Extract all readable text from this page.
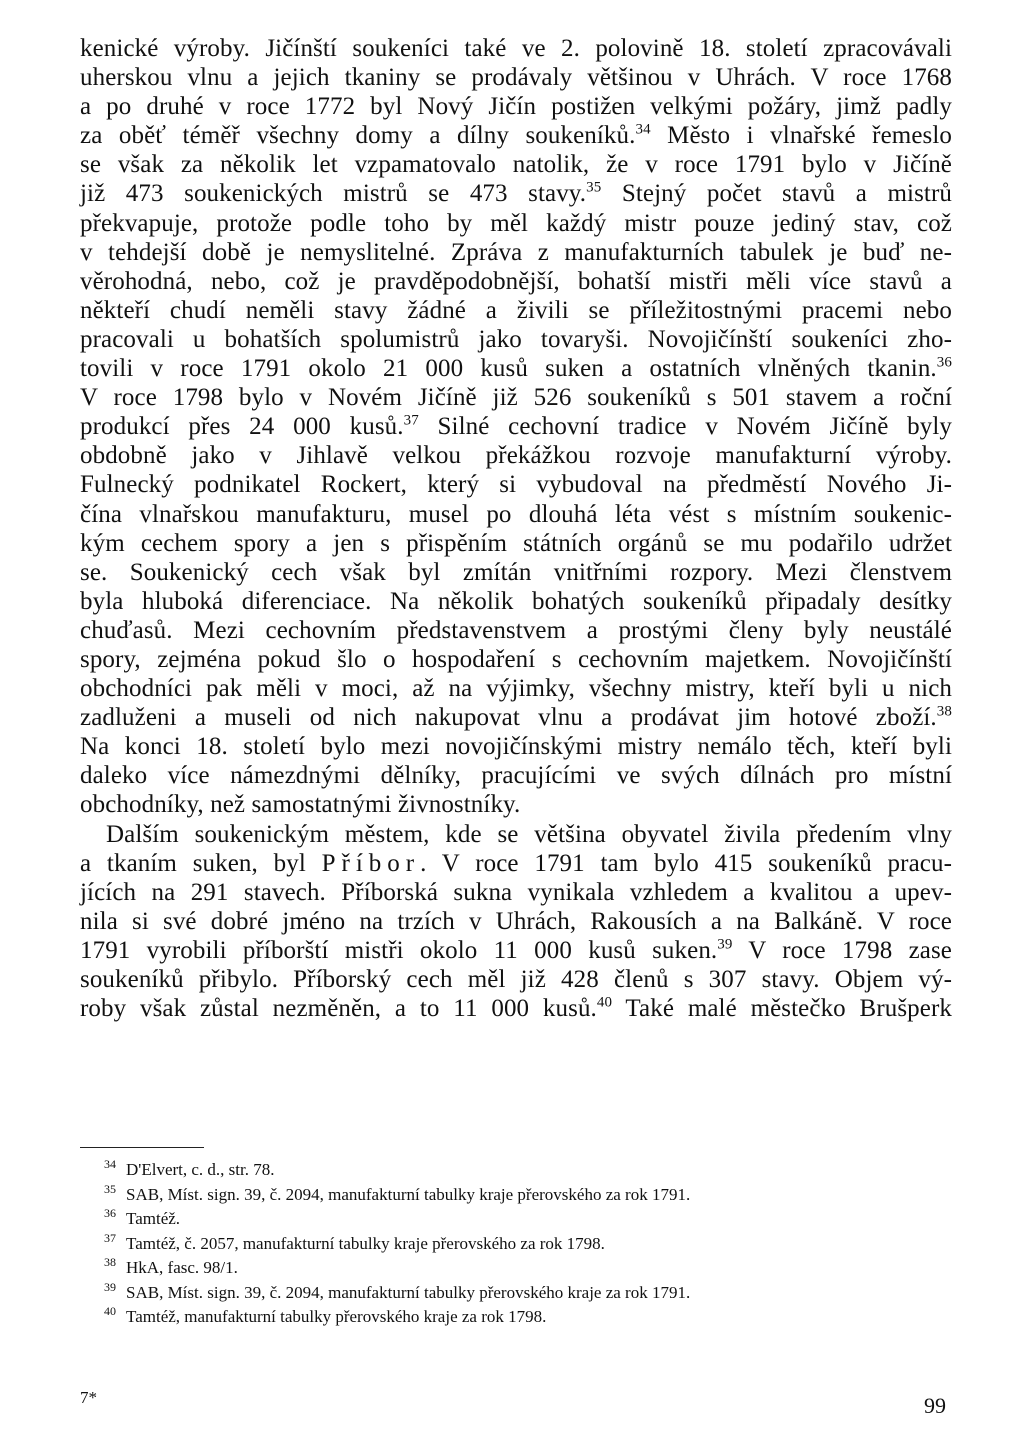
kenické výroby. Jičínští soukeníci také ve 2. polovině 18. století zpracovávali
uherskou vlnu a jejich tkaniny se prodávaly většinou v Uhrách. V roce 1768
a po druhé v roce 1772 byl Nový Jičín postižen velkými požáry, jimž padly
za oběť téměř všechny domy a dílny soukeníků.$^{34}$ Město i vlnařské řemeslo
se však za několik let vzpamatovalo natolik, že v roce 1791 bylo v Jičíně
již 473 soukenických mistrů se 473 stavy.$^{35}$ Stejný počet stavů a mistrů
překvapuje, protože podle toho by měl každý mistr pouze jediný stav, což
v tehdejší době je nemyslitelné. Zpráva z manufakturních tabulek je buď ne-
věrohodná, nebo, což je pravděpodobnější, bohatší mistři měli více stavů a
někteří chudí neměli stavy žádné a živili se příležitostnými pracemi nebo
pracovali u bohatších spolumistrů jako tovaryši. Novojičínští soukeníci zho-
tovili v roce 1791 okolo 21 000 kusů suken a ostatních vlněných tkanin.$^{36}$
V roce 1798 bylo v Novém Jičíně již 526 soukeníků s 501 stavem a roční
produkcí přes 24 000 kusů.$^{37}$ Silné cechovní tradice v Novém Jičíně byly
obdobně jako v Jihlavě velkou překážkou rozvoje manufakturní výroby.
Fulnecký podnikatel Rockert, který si vybudoval na předměstí Nového Ji-
čína vlnařskou manufakturu, musel po dlouhá léta vést s místním soukenic-
kým cechem spory a jen s přispěním státních orgánů se mu podařilo udržet
se. Soukenický cech však byl zmítán vnitřními rozpory. Mezi členstvem
byla hluboká diferenciace. Na několik bohatých soukeníků připadaly desítky
chuďasů. Mezi cechovním představenstvem a prostými členy byly neustálé
spory, zejména pokud šlo o hospodaření s cechovním majetkem. Novojičínští
obchodníci pak měli v moci, až na výjimky, všechny mistry, kteří byli u nich
zadluženi a museli od nich nakupovat vlnu a prodávat jim hotové zboží.$^{38}$
Na konci 18. století bylo mezi novojičínskými mistry nemálo těch, kteří byli
daleko více námezdnými dělníky, pracujícími ve svých dílnách pro místní
obchodníky, než samostatnými živnostníky.
Dalším soukenickým městem, kde se většina obyvatel živila předením vlny
a tkaním suken, byl Příbor. V roce 1791 tam bylo 415 soukeníků pracu-
jících na 291 stavech. Příborská sukna vynikala vzhledem a kvalitou a upev-
nila si své dobré jméno na trzích v Uhrách, Rakousích a na Balkáně. V roce
1791 vyrobili příborští mistři okolo 11 000 kusů suken.$^{39}$ V roce 1798 zase
soukeníků přibylo. Příborský cech měl již 428 členů s 307 stavy. Objem vý-
roby však zůstal nezměněn, a to 11 000 kusů.$^{40}$ Také malé městečko Brušperk
34 D'Elvert, c. d., str. 78.
35 SAB, Míst. sign. 39, č. 2094, manufakturní tabulky kraje přerovského za rok 1791.
36 Tamtéž.
37 Tamtéž, č. 2057, manufakturní tabulky kraje přerovského za rok 1798.
38 HkA, fasc. 98/1.
39 SAB, Míst. sign. 39, č. 2094, manufakturní tabulky přerovského kraje za rok 1791.
40 Tamtéž, manufakturní tabulky přerovského kraje za rok 1798.
7*	99
